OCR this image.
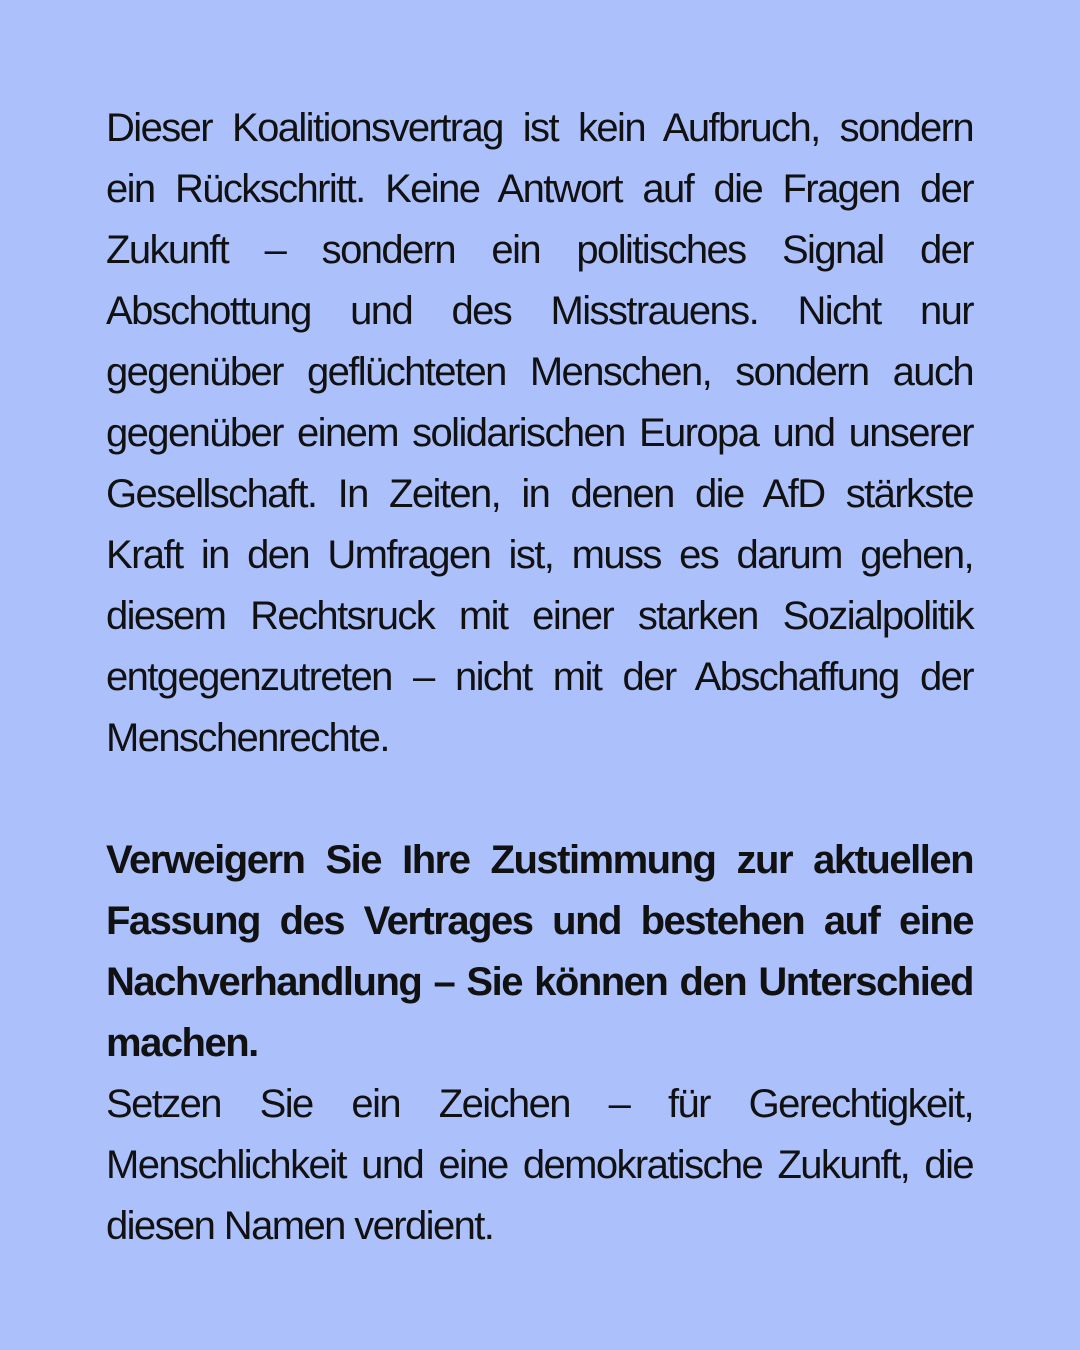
Dieser Koalitionsvertrag ist kein Aufbruch, sondern ein Rückschritt. Keine Antwort auf die Fragen der Zukunft – sondern ein politisches Signal der Abschottung und des Misstrauens. Nicht nur gegenüber geflüchteten Menschen, sondern auch gegenüber einem solidarischen Europa und unserer Gesellschaft. In Zeiten, in denen die AfD stärkste Kraft in den Umfragen ist, muss es darum gehen, diesem Rechtsruck mit einer starken Sozialpolitik entgegenzutreten – nicht mit der Abschaffung der Menschenrechte.

Verweigern Sie Ihre Zustimmung zur aktuellen Fassung des Vertrages und bestehen auf eine Nachverhandlung – Sie können den Unterschied machen.

Setzen Sie ein Zeichen – für Gerechtigkeit, Menschlichkeit und eine demokratische Zukunft, die diesen Namen verdient.
